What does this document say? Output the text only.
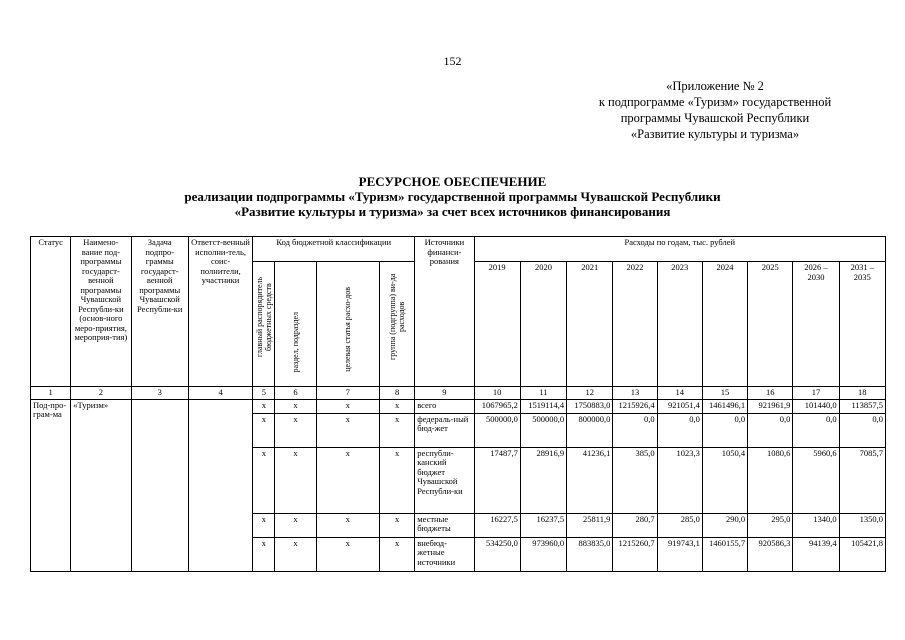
152
«Приложение № 2
к подпрограмме «Туризм» государственной
программы Чувашской Республики
«Развитие культуры и туризма»
РЕСУРСНОЕ ОБЕСПЕЧЕНИЕ
реализации подпрограммы «Туризм» государственной программы Чувашской Республики
«Развитие культуры и туризма» за счет всех источников финансирования
Статус	Наимено-вание под-программы государст-венной программы Чувашской Республи-ки (основ-ного меро-приятия, мероприя-тия)	Задача подпро-граммы государст-венной программы Чувашской Республи-ки	Ответст-венный исполни-тель, соис-полнители, участники	Код бюджетной классификации				Источники финанси-рования	Расходы по годам, тыс. рублей								

				главный распорядитель бюджетных средств	раздел, подраздел	целевая статья расхо-дов	группа (подгруппа) ви-да расходов		2019	2020	2021	2022	2023	2024	2025	2026 – 2030	2031 – 2035
1	2	3	4	5	6	7	8	9	10	11	12	13	14	15	16	17	18
Под-про-грам-ма	«Туризм»			x	x	x	x	всего	1067965,2	1519114,4	1750883,0	1215926,4	921051,4	1461496,1	921961,9	101440,0	113857,5
				x	x	x	x	федераль-ный бюд-жет	500000,0	500000,0	800000,0	0,0	0,0	0,0	0,0	0,0	0,0
				x	x	x	x	республи-канский бюджет Чувашской Республи-ки	17487,7	28916,9	41236,1	385,0	1023,3	1050,4	1080,6	5960,6	7085,7
				x	x	x	x	местные бюджеты	16227,5	16237,5	25811,9	280,7	285,0	290,0	295,0	1340,0	1350,0
				x	x	x	x	внебюд-жетные источники	534250,0	973960,0	883835,0	1215260,7	919743,1	1460155,7	920586,3	94139,4	105421,8
